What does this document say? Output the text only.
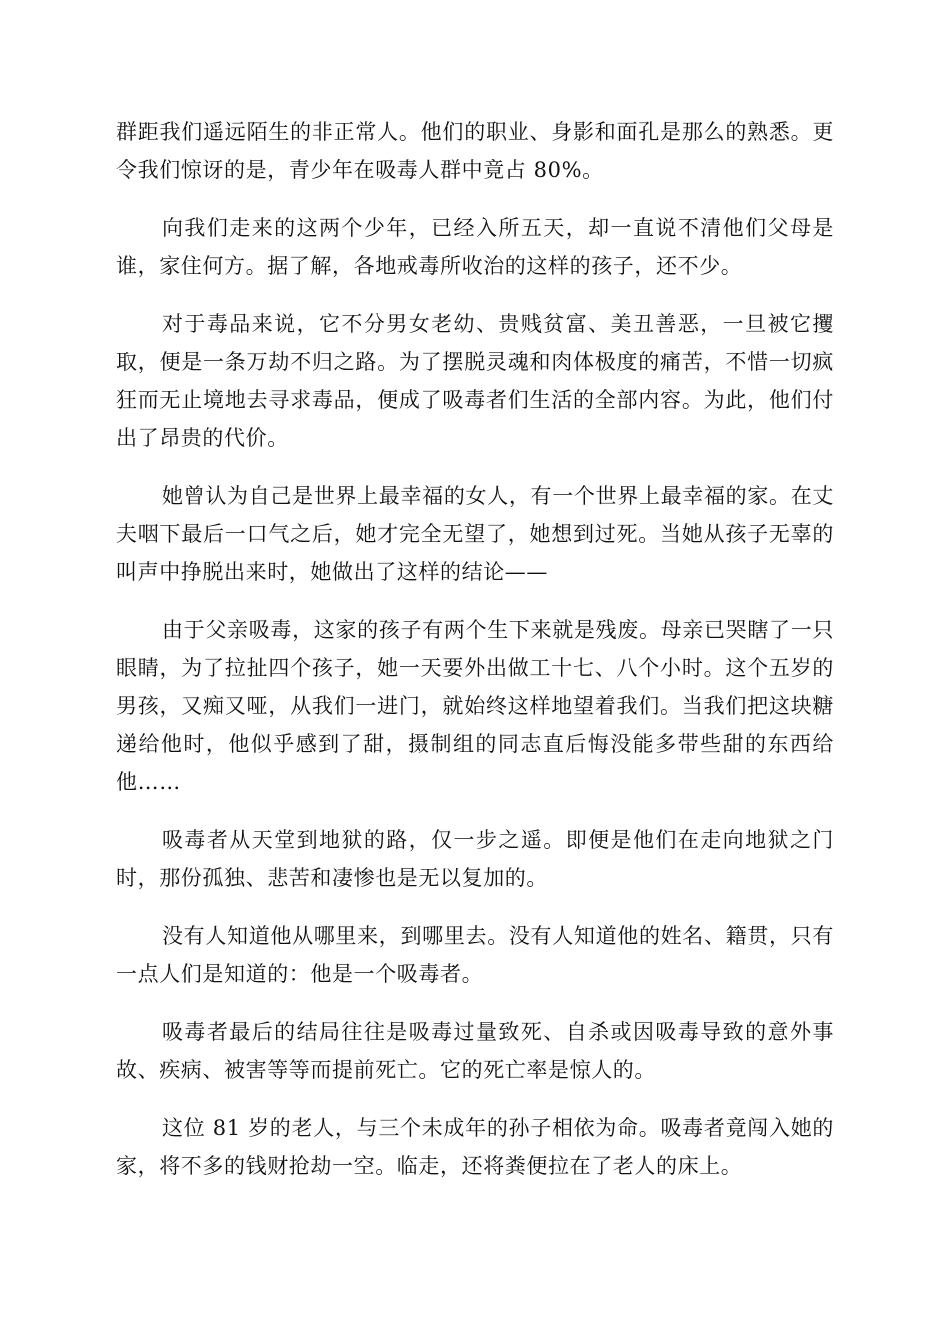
群距我们遥远陌生的非正常人。他们的职业、身影和面孔是那么的熟悉。更令我们惊讶的是，青少年在吸毒人群中竟占 80%。

向我们走来的这两个少年，已经入所五天，却一直说不清他们父母是谁，家住何方。据了解，各地戒毒所收治的这样的孩子，还不少。

对于毒品来说，它不分男女老幼、贵贱贫富、美丑善恶，一旦被它攫取，便是一条万劫不归之路。为了摆脱灵魂和肉体极度的痛苦，不惜一切疯狂而无止境地去寻求毒品，便成了吸毒者们生活的全部内容。为此，他们付出了昂贵的代价。

她曾认为自己是世界上最幸福的女人，有一个世界上最幸福的家。在丈夫咽下最后一口气之后，她才完全无望了，她想到过死。当她从孩子无辜的叫声中挣脱出来时，她做出了这样的结论——

由于父亲吸毒，这家的孩子有两个生下来就是残废。母亲已哭瞎了一只眼睛，为了拉扯四个孩子，她一天要外出做工十七、八个小时。这个五岁的男孩，又痴又哑，从我们一进门，就始终这样地望着我们。当我们把这块糖递给他时，他似乎感到了甜，摄制组的同志直后悔没能多带些甜的东西给他……

吸毒者从天堂到地狱的路，仅一步之遥。即便是他们在走向地狱之门时，那份孤独、悲苦和凄惨也是无以复加的。

没有人知道他从哪里来，到哪里去。没有人知道他的姓名、籍贯，只有一点人们是知道的：他是一个吸毒者。

吸毒者最后的结局往往是吸毒过量致死、自杀或因吸毒导致的意外事故、疾病、被害等等而提前死亡。它的死亡率是惊人的。

这位 81 岁的老人，与三个未成年的孙子相依为命。吸毒者竟闯入她的家，将不多的钱财抢劫一空。临走，还将粪便拉在了老人的床上。
